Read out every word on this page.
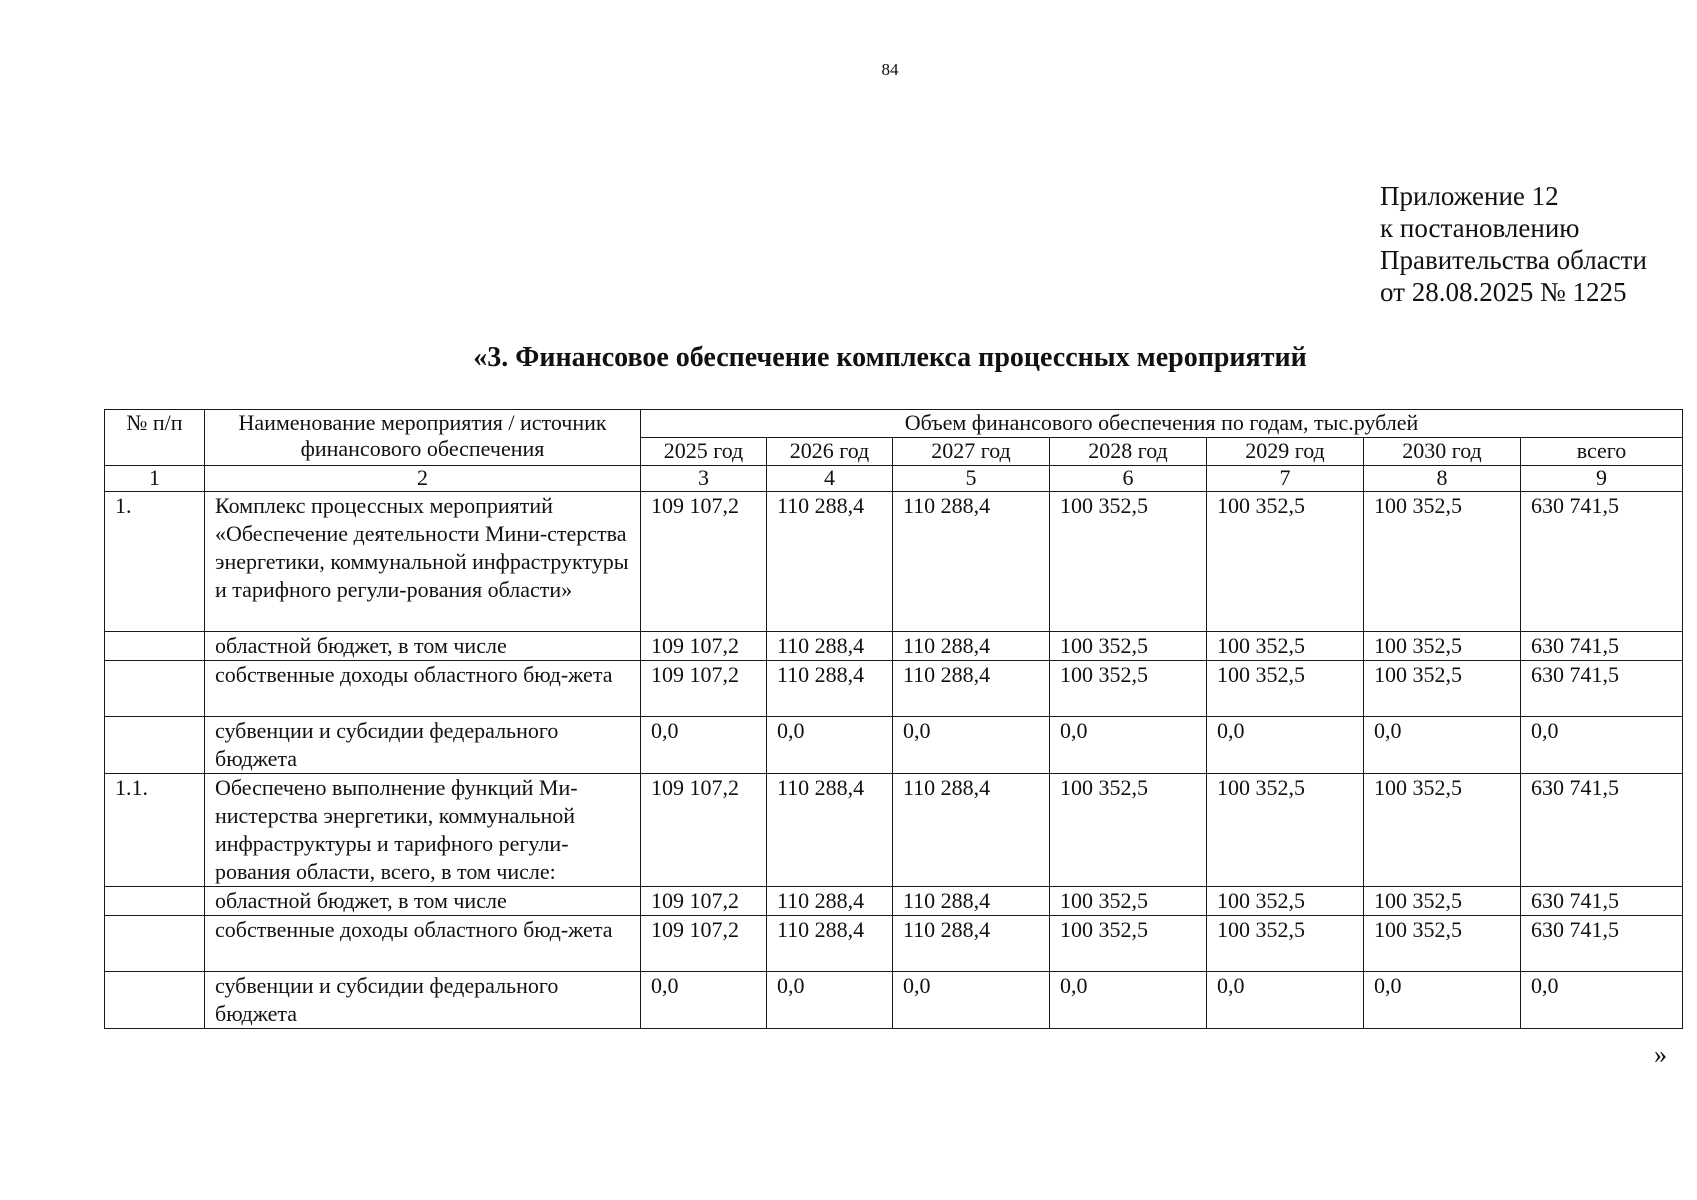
84
Приложение 12
к постановлению
Правительства области
от 28.08.2025 № 1225
«3. Финансовое обеспечение комплекса процессных мероприятий
№ п/п	Наименование мероприятия / источник финансового обеспечения	Объем финансового обеспечения по годам, тыс.рублей						
		2025 год	2026 год	2027 год	2028 год	2029 год	2030 год	всего
1	2	3	4	5	6	7	8	9
1.	Комплекс процессных мероприятий «Обеспечение деятельности Мини-стерства энергетики, коммунальной инфраструктуры и тарифного регули-рования области»	109 107,2	110 288,4	110 288,4	100 352,5	100 352,5	100 352,5	630 741,5
	областной бюджет, в том числе	109 107,2	110 288,4	110 288,4	100 352,5	100 352,5	100 352,5	630 741,5
	собственные доходы областного бюд-жета	109 107,2	110 288,4	110 288,4	100 352,5	100 352,5	100 352,5	630 741,5
	субвенции и субсидии федерального бюджета	0,0	0,0	0,0	0,0	0,0	0,0	0,0
1.1.	Обеспечено выполнение функций Ми-нистерства энергетики, коммунальной инфраструктуры и тарифного регули-рования области, всего, в том числе:	109 107,2	110 288,4	110 288,4	100 352,5	100 352,5	100 352,5	630 741,5
	областной бюджет, в том числе	109 107,2	110 288,4	110 288,4	100 352,5	100 352,5	100 352,5	630 741,5
	собственные доходы областного бюд-жета	109 107,2	110 288,4	110 288,4	100 352,5	100 352,5	100 352,5	630 741,5
	субвенции и субсидии федерального бюджета	0,0	0,0	0,0	0,0	0,0	0,0	0,0
»
